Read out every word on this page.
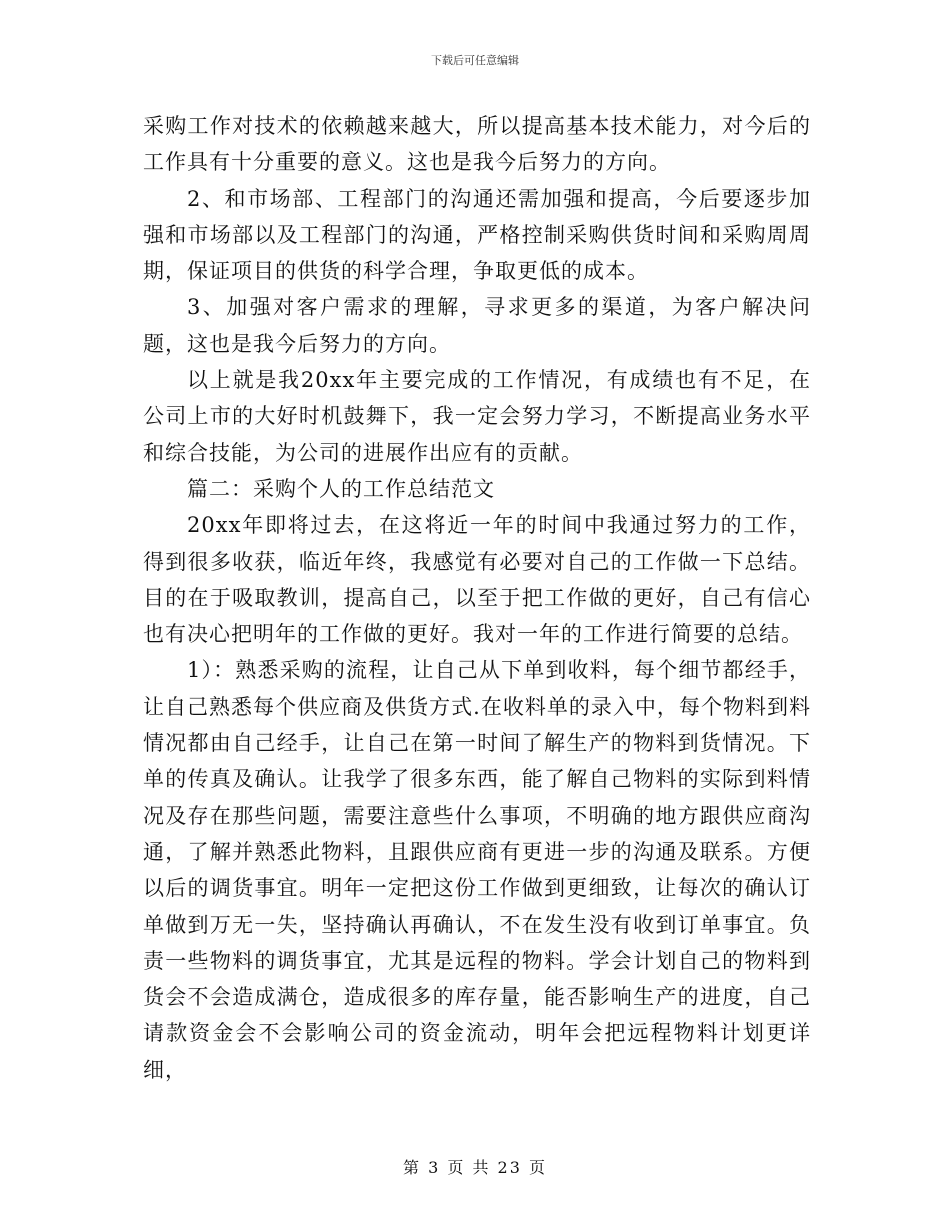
下载后可任意编辑

采购工作对技术的依赖越来越大，所以提高基本技术能力，对今后的工作具有十分重要的意义。这也是我今后努力的方向。

2、和市场部、工程部门的沟通还需加强和提高，今后要逐步加强和市场部以及工程部门的沟通，严格控制采购供货时间和采购周周期，保证项目的供货的科学合理，争取更低的成本。

3、加强对客户需求的理解，寻求更多的渠道，为客户解决问题，这也是我今后努力的方向。

以上就是我20xx年主要完成的工作情况，有成绩也有不足，在公司上市的大好时机鼓舞下，我一定会努力学习，不断提高业务水平和综合技能，为公司的进展作出应有的贡献。

篇二：采购个人的工作总结范文

20xx年即将过去，在这将近一年的时间中我通过努力的工作，得到很多收获，临近年终，我感觉有必要对自己的工作做一下总结。目的在于吸取教训，提高自己，以至于把工作做的更好，自己有信心也有决心把明年的工作做的更好。我对一年的工作进行简要的总结。

1）：熟悉采购的流程，让自己从下单到收料，每个细节都经手，让自己熟悉每个供应商及供货方式.在收料单的录入中，每个物料到料情况都由自己经手，让自己在第一时间了解生产的物料到货情况。下单的传真及确认。让我学了很多东西，能了解自己物料的实际到料情况及存在那些问题，需要注意些什么事项，不明确的地方跟供应商沟通，了解并熟悉此物料，且跟供应商有更进一步的沟通及联系。方便以后的调货事宜。明年一定把这份工作做到更细致，让每次的确认订单做到万无一失，坚持确认再确认，不在发生没有收到订单事宜。负责一些物料的调货事宜，尤其是远程的物料。学会计划自己的物料到货会不会造成满仓，造成很多的库存量，能否影响生产的进度，自己请款资金会不会影响公司的资金流动，明年会把远程物料计划更详细，

第 3 页 共 23 页
